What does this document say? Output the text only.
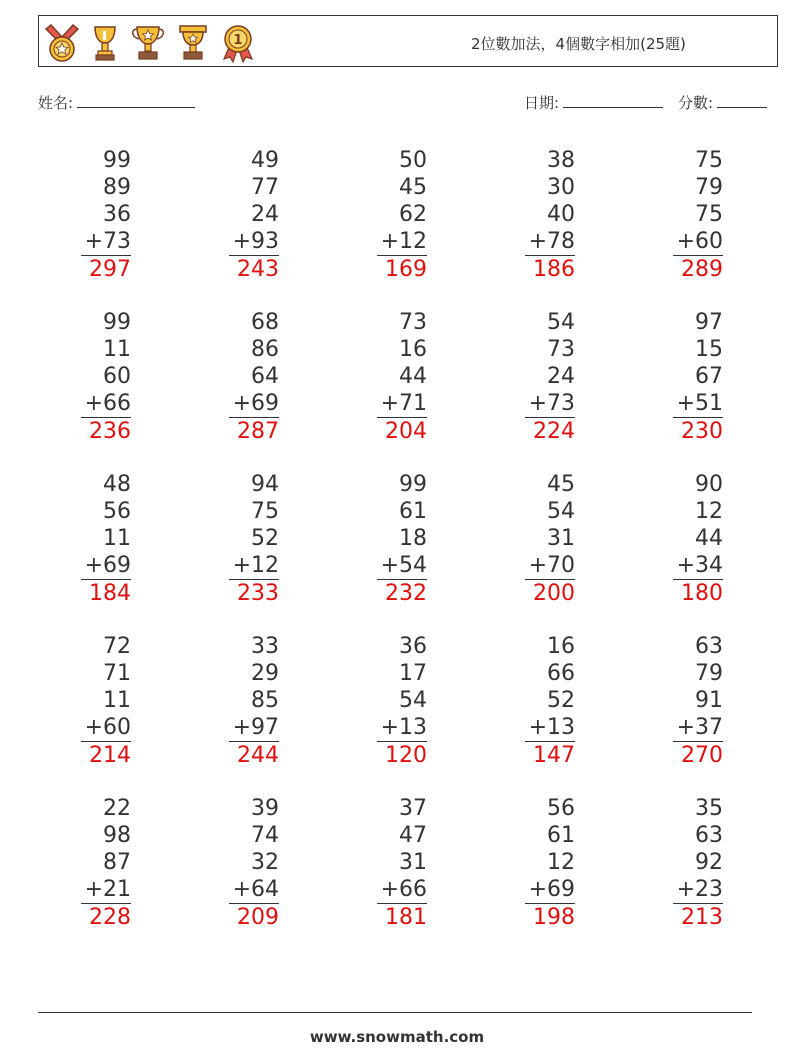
1	2位數加法，4個數字相加(25題)
姓名:	日期:	分數:
99
89
36
+73
297
49
77
24
+93
243
50
45
62
+12
169
38
30
40
+78
186
75
79
75
+60
289
99
11
60
+66
236
68
86
64
+69
287
73
16
44
+71
204
54
73
24
+73
224
97
15
67
+51
230
48
56
11
+69
184
94
75
52
+12
233
99
61
18
+54
232
45
54
31
+70
200
90
12
44
+34
180
72
71
11
+60
214
33
29
85
+97
244
36
17
54
+13
120
16
66
52
+13
147
63
79
91
+37
270
22
98
87
+21
228
39
74
32
+64
209
37
47
31
+66
181
56
61
12
+69
198
35
63
92
+23
213
www.snowmath.com
